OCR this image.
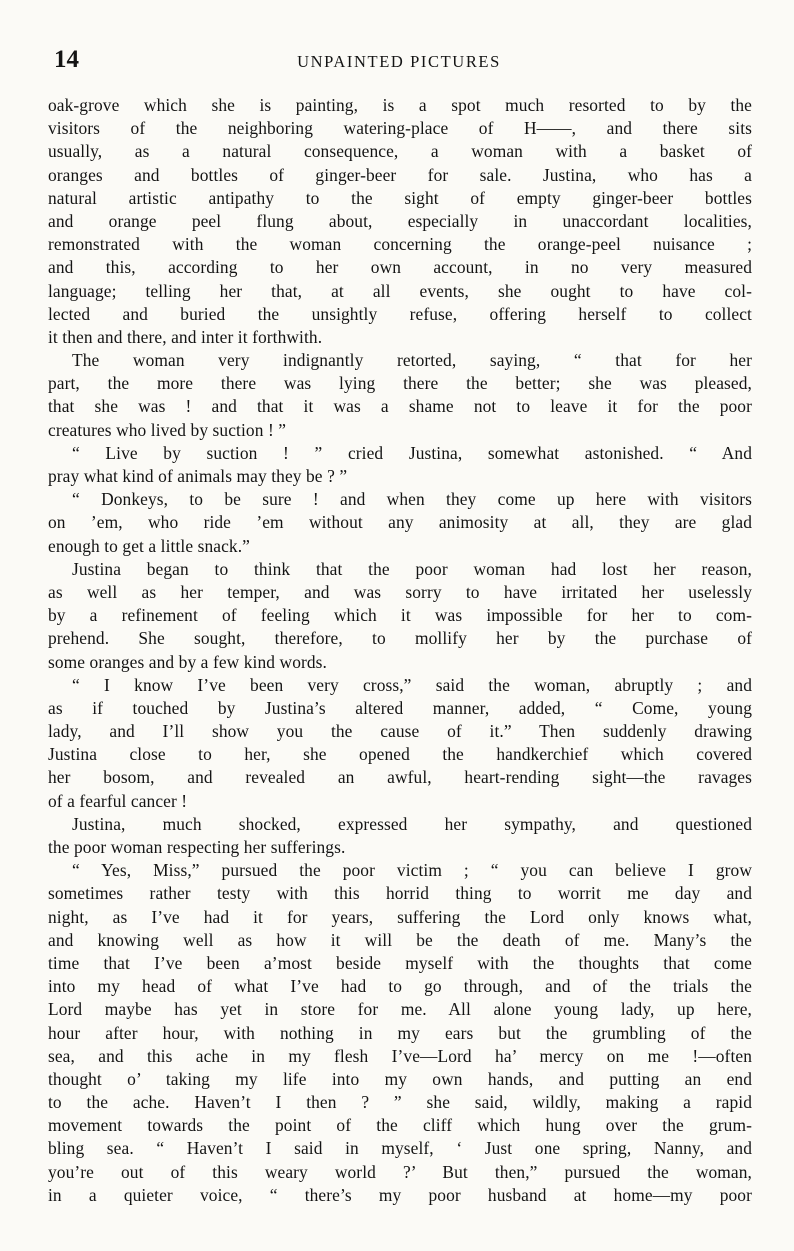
14	UNPAINTED PICTURES
oak-grove which she is painting, is a spot much resorted to by the
visitors of the neighboring watering-place of H——, and there sits
usually, as a natural consequence, a woman with a basket of
oranges and bottles of ginger-beer for sale. Justina, who has a
natural artistic antipathy to the sight of empty ginger-beer bottles
and orange peel flung about, especially in unaccordant localities,
remonstrated with the woman concerning the orange-peel nuisance ;
and this, according to her own account, in no very measured
language; telling her that, at all events, she ought to have col-
lected and buried the unsightly refuse, offering herself to collect
it then and there, and inter it forthwith.
The woman very indignantly retorted, saying, “ that for her
part, the more there was lying there the better; she was pleased,
that she was ! and that it was a shame not to leave it for the poor
creatures who lived by suction ! ”
“ Live by suction ! ” cried Justina, somewhat astonished. “ And
pray what kind of animals may they be ? ”
“ Donkeys, to be sure ! and when they come up here with visitors
on ’em, who ride ’em without any animosity at all, they are glad
enough to get a little snack.”
Justina began to think that the poor woman had lost her reason,
as well as her temper, and was sorry to have irritated her uselessly
by a refinement of feeling which it was impossible for her to com-
prehend. She sought, therefore, to mollify her by the purchase of
some oranges and by a few kind words.
“ I know I’ve been very cross,” said the woman, abruptly ; and
as if touched by Justina’s altered manner, added, “ Come, young
lady, and I’ll show you the cause of it.” Then suddenly drawing
Justina close to her, she opened the handkerchief which covered
her bosom, and revealed an awful, heart-rending sight—the ravages
of a fearful cancer !
Justina, much shocked, expressed her sympathy, and questioned
the poor woman respecting her sufferings.
“ Yes, Miss,” pursued the poor victim ; “ you can believe I grow
sometimes rather testy with this horrid thing to worrit me day and
night, as I’ve had it for years, suffering the Lord only knows what,
and knowing well as how it will be the death of me. Many’s the
time that I’ve been a’most beside myself with the thoughts that come
into my head of what I’ve had to go through, and of the trials the
Lord maybe has yet in store for me. All alone young lady, up here,
hour after hour, with nothing in my ears but the grumbling of the
sea, and this ache in my flesh I’ve—Lord ha’ mercy on me !—often
thought o’ taking my life into my own hands, and putting an end
to the ache. Haven’t I then ? ” she said, wildly, making a rapid
movement towards the point of the cliff which hung over the grum-
bling sea. “ Haven’t I said in myself, ‘ Just one spring, Nanny, and
you’re out of this weary world ?’ But then,” pursued the woman,
in a quieter voice, “ there’s my poor husband at home—my poor
